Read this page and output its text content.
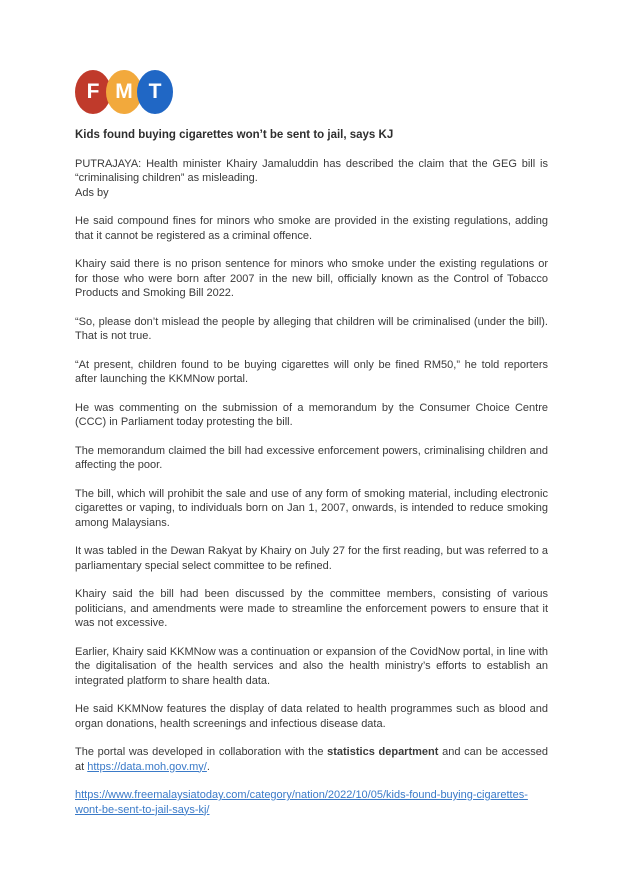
F M T
Kids found buying cigarettes won’t be sent to jail, says KJ

PUTRAJAYA: Health minister Khairy Jamaluddin has described the claim that the GEG bill is “criminalising children” as misleading.

Ads by

He said compound fines for minors who smoke are provided in the existing regulations, adding that it cannot be registered as a criminal offence.

Khairy said there is no prison sentence for minors who smoke under the existing regulations or for those who were born after 2007 in the new bill, officially known as the Control of Tobacco Products and Smoking Bill 2022.

“So, please don’t mislead the people by alleging that children will be criminalised (under the bill). That is not true.

“At present, children found to be buying cigarettes will only be fined RM50,” he told reporters after launching the KKMNow portal.

He was commenting on the submission of a memorandum by the Consumer Choice Centre (CCC) in Parliament today protesting the bill.

The memorandum claimed the bill had excessive enforcement powers, criminalising children and affecting the poor.

The bill, which will prohibit the sale and use of any form of smoking material, including electronic cigarettes or vaping, to individuals born on Jan 1, 2007, onwards, is intended to reduce smoking among Malaysians.

It was tabled in the Dewan Rakyat by Khairy on July 27 for the first reading, but was referred to a parliamentary special select committee to be refined.

Khairy said the bill had been discussed by the committee members, consisting of various politicians, and amendments were made to streamline the enforcement powers to ensure that it was not excessive.

Earlier, Khairy said KKMNow was a continuation or expansion of the CovidNow portal, in line with the digitalisation of the health services and also the health ministry’s efforts to establish an integrated platform to share health data.

He said KKMNow features the display of data related to health programmes such as blood and organ donations, health screenings and infectious disease data.

The portal was developed in collaboration with the statistics department and can be accessed at https://data.moh.gov.my/.

https://www.freemalaysiatoday.com/category/nation/2022/10/05/kids-found-buying-cigarettes-wont-be-sent-to-jail-says-kj/
